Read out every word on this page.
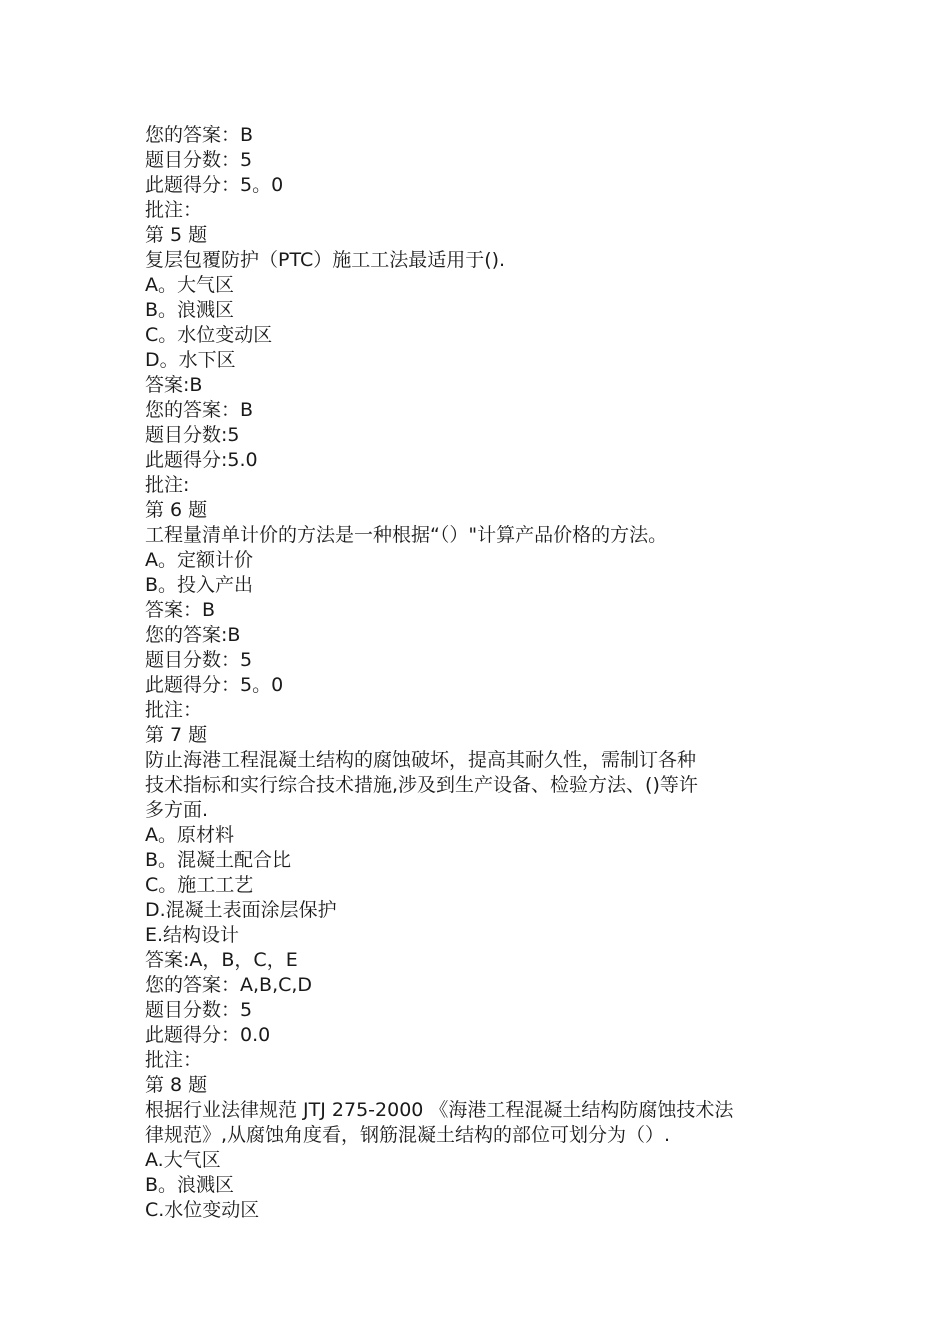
您的答案：B

题目分数：5

此题得分：5。0

批注：

第 5 题

复层包覆防护（PTC）施工工法最适用于().

A。大气区

B。浪溅区

C。水位变动区

D。水下区

答案:B

您的答案：B

题目分数:5

此题得分:5.0

批注:

第 6 题

工程量清单计价的方法是一种根据“（）"计算产品价格的方法。

A。定额计价

B。投入产出

答案：B

您的答案:B

题目分数：5

此题得分：5。0

批注：

第 7 题

防止海港工程混凝土结构的腐蚀破坏，提高其耐久性，需制订各种

技术指标和实行综合技术措施,涉及到生产设备、检验方法、()等许

多方面.

A。原材料

B。混凝土配合比

C。施工工艺

D.混凝土表面涂层保护

E.结构设计

答案:A，B，C，E

您的答案：A,B,C,D

题目分数：5

此题得分：0.0

批注：

第 8 题

根据行业法律规范 JTJ 275-2000 《海港工程混凝土结构防腐蚀技术法

律规范》,从腐蚀角度看，钢筋混凝土结构的部位可划分为（）.

A.大气区

B。浪溅区

C.水位变动区
